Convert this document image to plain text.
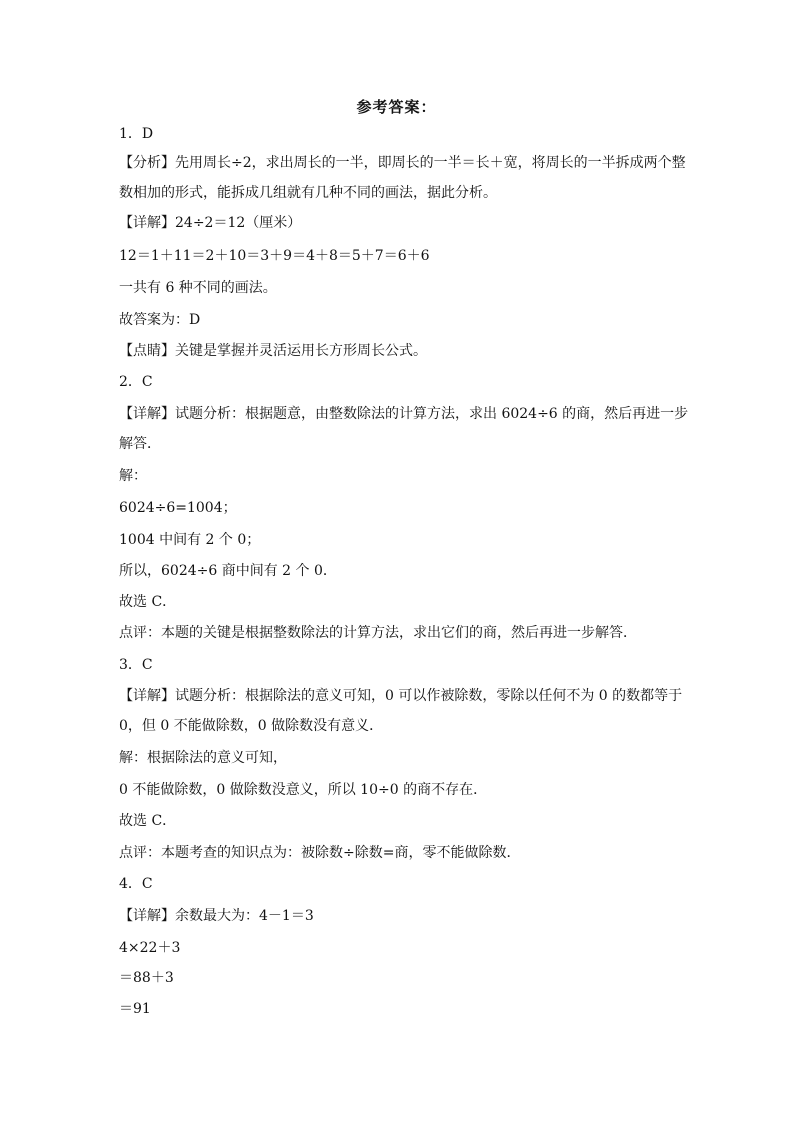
参考答案：
1．D
【分析】先用周长÷2，求出周长的一半，即周长的一半＝长＋宽，将周长的一半拆成两个整
数相加的形式，能拆成几组就有几种不同的画法，据此分析。
【详解】24÷2＝12（厘米）
12＝1＋11＝2＋10＝3＋9＝4＋8＝5＋7＝6＋6
一共有 6 种不同的画法。
故答案为：D
【点睛】关键是掌握并灵活运用长方形周长公式。
2．C
【详解】试题分析：根据题意，由整数除法的计算方法，求出 6024÷6 的商，然后再进一步
解答．
解：
6024÷6=1004；
1004 中间有 2 个 0；
所以，6024÷6 商中间有 2 个 0．
故选 C．
点评：本题的关键是根据整数除法的计算方法，求出它们的商，然后再进一步解答．
3．C
【详解】试题分析：根据除法的意义可知，0 可以作被除数，零除以任何不为 0 的数都等于
0，但 0 不能做除数，0 做除数没有意义．
解：根据除法的意义可知，
0 不能做除数，0 做除数没意义，所以 10÷0 的商不存在．
故选 C．
点评：本题考查的知识点为：被除数÷除数=商，零不能做除数．
4．C
【详解】余数最大为：4－1＝3
4×22＋3
＝88＋3
＝91
